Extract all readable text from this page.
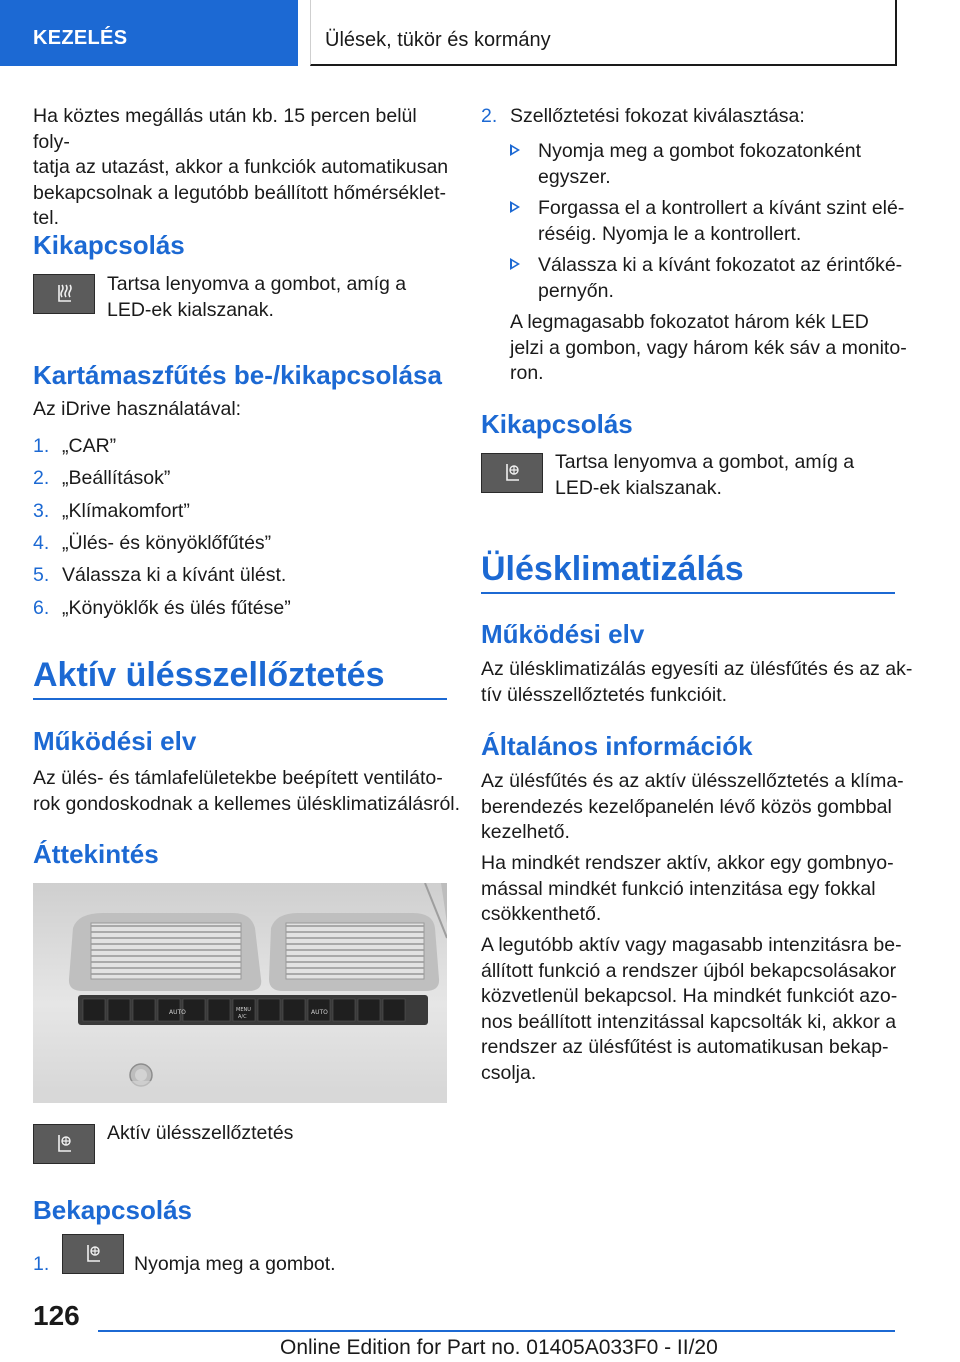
KEZELÉS	Ülések, tükör és kormány
Ha köztes megállás után kb. 15 percen belül foly-
tatja az utazást, akkor a funkciók automatikusan
bekapcsolnak a legutóbb beállított hőmérséklet-
tel.
Kikapcsolás
Tartsa lenyomva a gombot, amíg a
LED-ek kialszanak.
Kartámaszfűtés be-/kikapcsolása
Az iDrive használatával:
1. „CAR”
2. „Beállítások”
3. „Klímakomfort”
4. „Ülés- és könyöklőfűtés”
5. Válassza ki a kívánt ülést.
6. „Könyöklők és ülés fűtése”
Aktív ülésszellőztetés
Működési elv
Az ülés- és támlafelületekbe beépített ventiláto-
rok gondoskodnak a kellemes ülésklimatizálásról.
Áttekintés
AUTO	MENU
A/C
AUTO
Aktív ülésszellőztetés
Bekapcsolás
1.	Nyomja meg a gombot.
2. Szellőztetési fokozat kiválasztása:
Nyomja meg a gombot fokozatonként
egyszer.
Forgassa el a kontrollert a kívánt szint elé-
réséig. Nyomja le a kontrollert.
Válassza ki a kívánt fokozatot az érintőké-
pernyőn.
A legmagasabb fokozatot három kék LED
jelzi a gombon, vagy három kék sáv a monito-
ron.
Kikapcsolás
Tartsa lenyomva a gombot, amíg a
LED-ek kialszanak.
Ülésklimatizálás
Működési elv
Az ülésklimatizálás egyesíti az ülésfűtés és az ak-
tív ülésszellőztetés funkcióit.
Általános információk
Az ülésfűtés és az aktív ülésszellőztetés a klíma-
berendezés kezelőpanelén lévő közös gombbal
kezelhető.
Ha mindkét rendszer aktív, akkor egy gombnyo-
mással mindkét funkció intenzitása egy fokkal
csökkenthető.
A legutóbb aktív vagy magasabb intenzitásra be-
állított funkció a rendszer újból bekapcsolásakor
közvetlenül bekapcsol. Ha mindkét funkciót azo-
nos beállított intenzitással kapcsolták ki, akkor a
rendszer az ülésfűtést is automatikusan bekap-
csolja.
126
Online Edition for Part no. 01405A033F0 - II/20
